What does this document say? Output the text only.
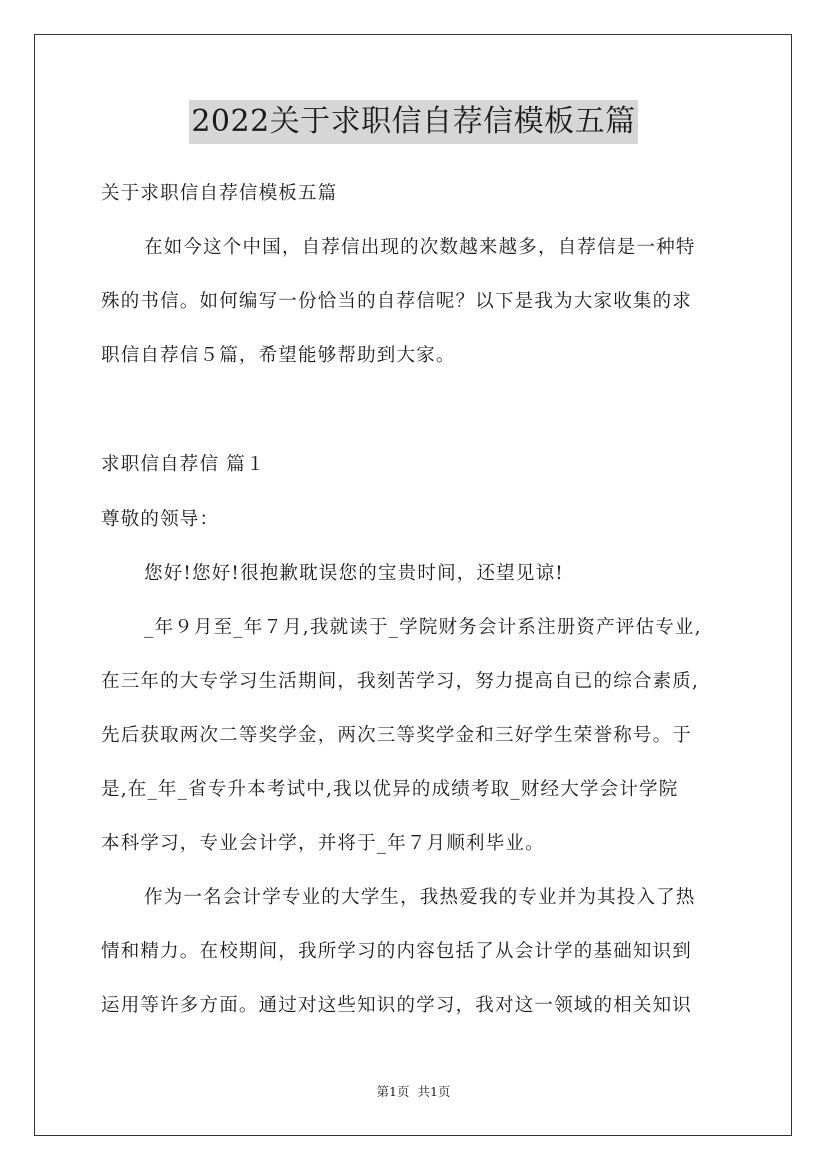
2022关于求职信自荐信模板五篇
关于求职信自荐信模板五篇
在如今这个中国，自荐信出现的次数越来越多，自荐信是一种特
殊的书信。如何编写一份恰当的自荐信呢？以下是我为大家收集的求
职信自荐信５篇，希望能够帮助到大家。
求职信自荐信 篇１
尊敬的领导：
您好!您好!很抱歉耽误您的宝贵时间，还望见谅!
_年９月至_年７月,我就读于_学院财务会计系注册资产评估专业,
在三年的大专学习生活期间，我刻苦学习，努力提高自已的综合素质,
先后获取两次二等奖学金，两次三等奖学金和三好学生荣誉称号。于
是,在_年_省专升本考试中,我以优异的成绩考取_财经大学会计学院
本科学习，专业会计学，并将于_年７月顺利毕业。
作为一名会计学专业的大学生，我热爱我的专业并为其投入了热
情和精力。在校期间，我所学习的内容包括了从会计学的基础知识到
运用等许多方面。通过对这些知识的学习，我对这一领域的相关知识
第1页 共1页
